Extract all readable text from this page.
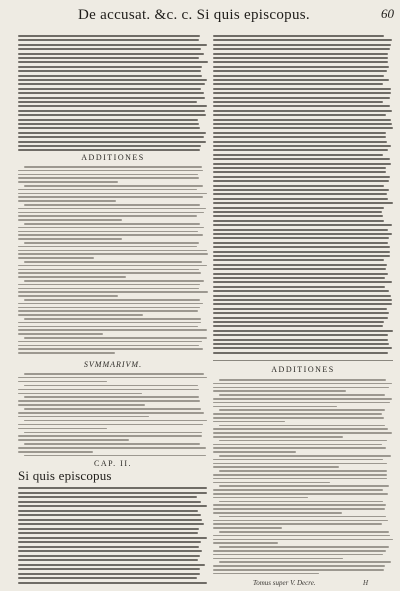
De accusat. &c. c. Si quis episcopus.	60
ADDITIONES
SVMMARIVM.
CAP. II.
Si quis episcopus
ADDITIONES
Tomus super V. Decre.	H
